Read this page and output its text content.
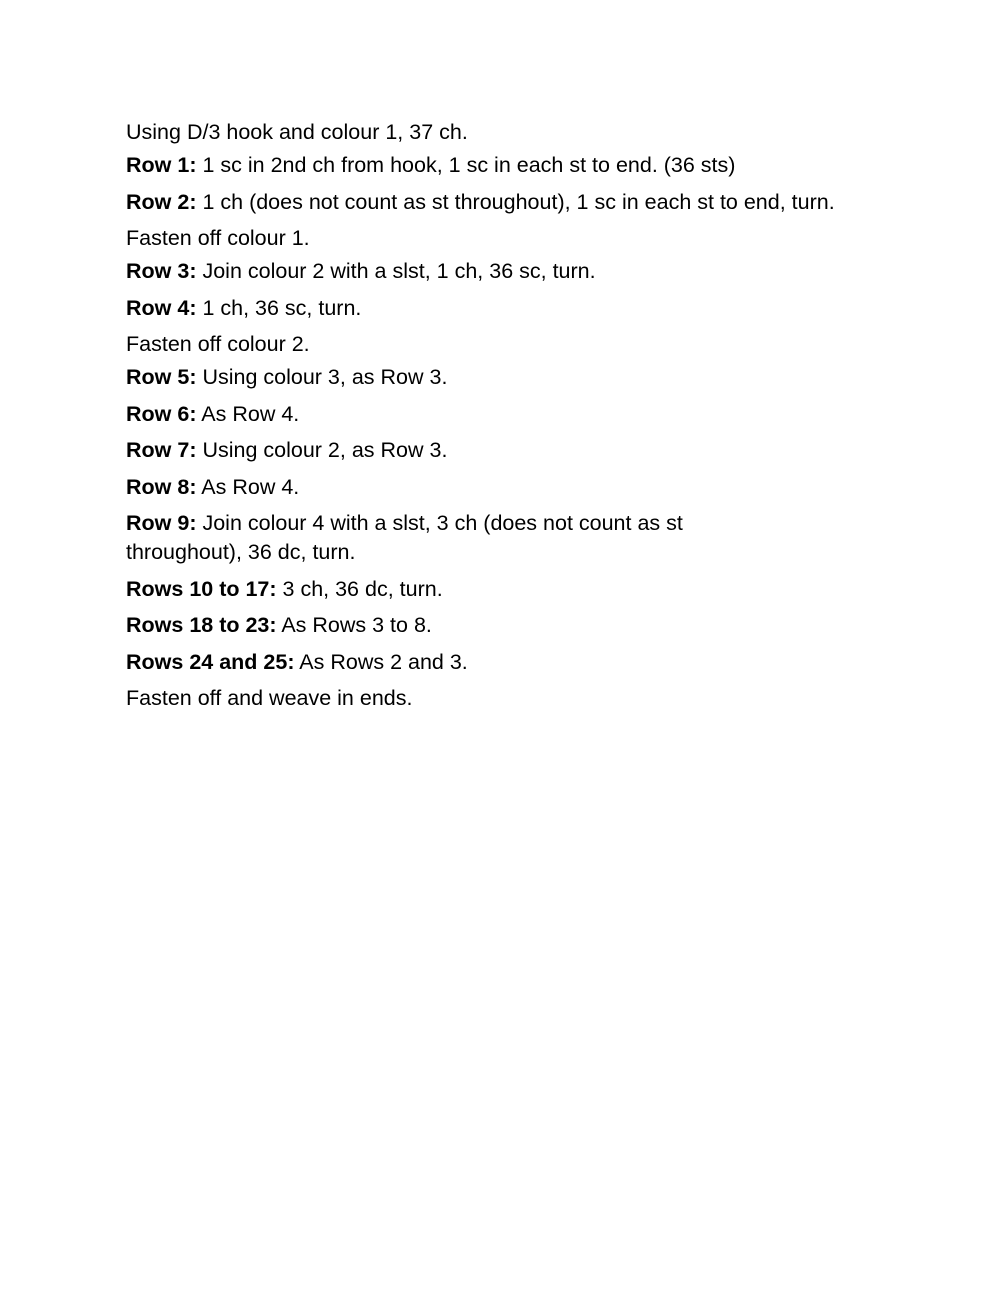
Using D/3 hook and colour 1, 37 ch.

Row 1: 1 sc in 2nd ch from hook, 1 sc in each st to end. (36 sts)

Row 2: 1 ch (does not count as st throughout), 1 sc in each st to end, turn.

Fasten off colour 1.

Row 3: Join colour 2 with a slst, 1 ch, 36 sc, turn.

Row 4: 1 ch, 36 sc, turn.

Fasten off colour 2.

Row 5: Using colour 3, as Row 3.

Row 6: As Row 4.

Row 7: Using colour 2, as Row 3.

Row 8: As Row 4.

Row 9: Join colour 4 with a slst, 3 ch (does not count as st throughout), 36 dc, turn.

Rows 10 to 17: 3 ch, 36 dc, turn.

Rows 18 to 23: As Rows 3 to 8.

Rows 24 and 25: As Rows 2 and 3.

Fasten off and weave in ends.
